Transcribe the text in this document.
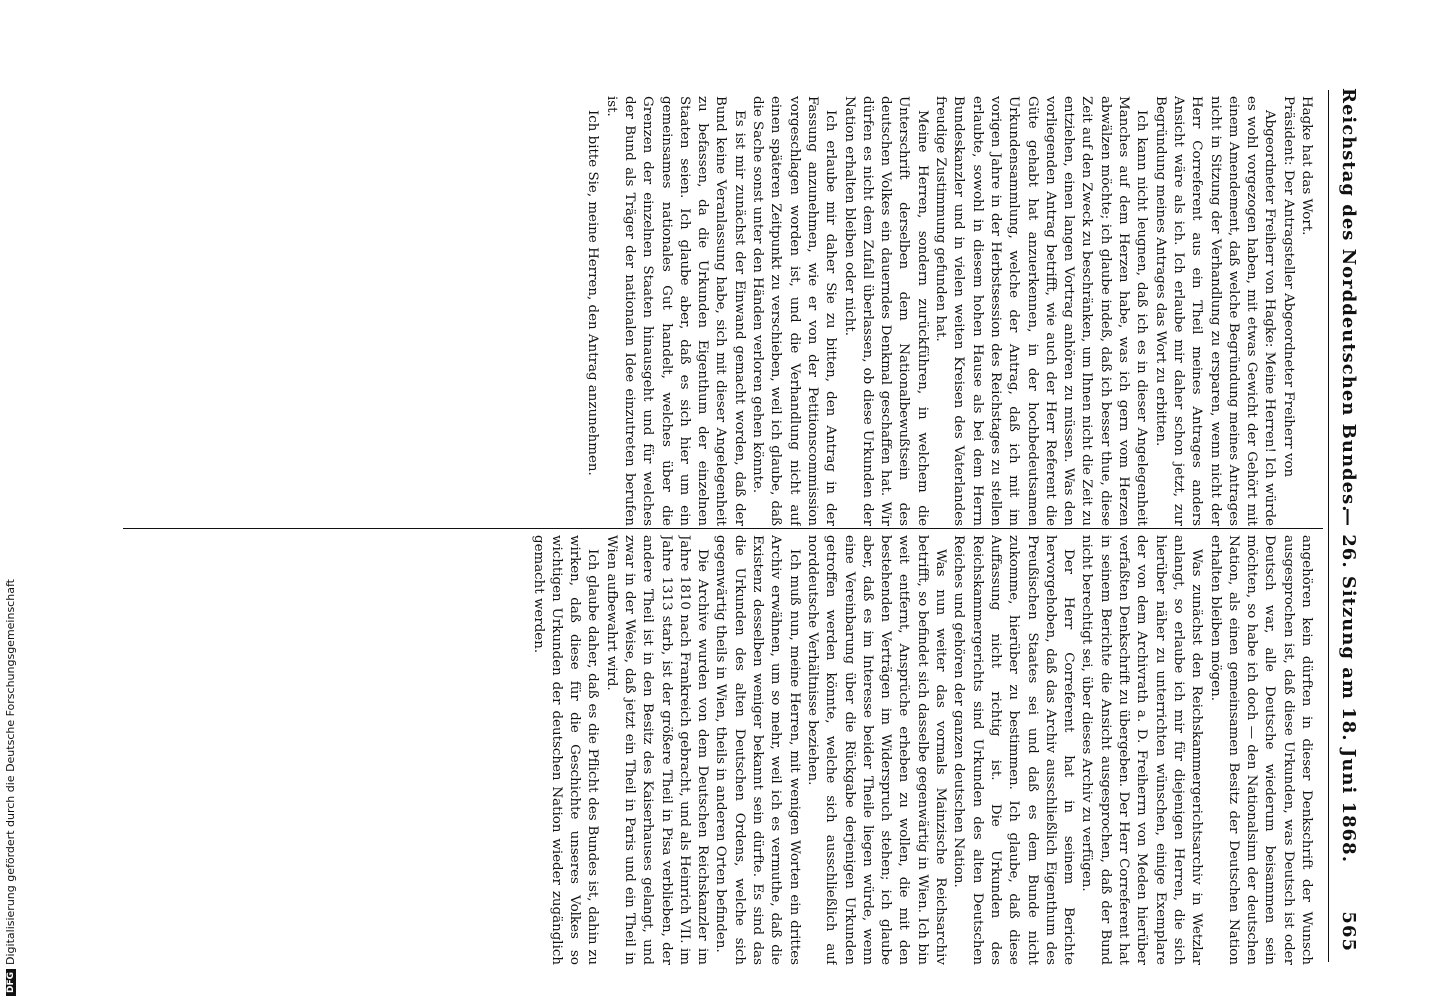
Reichstag des Norddeutschen Bundes.
— 26. Sitzung am 18. Juni 1868.
565

Hagke hat das Wort.

Präsident: Der Antragsteller Abgeordneter Freiherr von

Abgeordneter Freiherr von Hagke: Meine Herren! Ich würde es wohl vorgezogen haben, mit etwas Gewicht der Gehört mit einem Amendement, daß welche Begründung meines Antrages nicht in Sitzung der Verhandlung zu ersparen, wenn nicht der Herr Correferent aus ein Theil meines Antrages anders Ansicht wäre als ich. Ich erlaube mir daher schon jetzt, zur Begründung meines Antrages das Wort zu erbitten.

Ich kann nicht leugnen, daß ich es in dieser Angelegenheit Manches auf dem Herzen habe, was ich gern vom Herzen abwälzen möchte; ich glaube indeß, daß ich besser thue, diese Zeit auf den Zweck zu beschränken, um Ihnen nicht die Zeit zu entziehen, einen langen Vortrag anhören zu müssen. Was den vorliegenden Antrag betrifft, wie auch der Herr Referent die Güte gehabt hat anzuerkennen, in der hochbedeutsamen Urkundensammlung, welche der Antrag, daß ich mit im vorigen Jahre in der Herbstsession des Reichstages zu stellen erlaubte, sowohl in diesem hohen Hause als bei dem Herrn Bundeskanzler und in vielen weiten Kreisen des Vaterlandes freudige Zustimmung gefunden hat.

Meine Herren, sondern zurückführen, in welchem die Unterschrift derselben dem Nationalbewußtsein des deutschen Volkes ein dauerndes Denkmal geschaffen hat. Wir dürfen es nicht dem Zufall überlassen, ob diese Urkunden der Nation erhalten bleiben oder nicht.

Ich erlaube mir daher Sie zu bitten, den Antrag in der Fassung anzunehmen, wie er von der Petitionscommission vorgeschlagen worden ist, und die Verhandlung nicht auf einen späteren Zeitpunkt zu verschieben, weil ich glaube, daß die Sache sonst unter den Händen verloren gehen könnte.

Es ist mir zunächst der Einwand gemacht worden, daß der Bund keine Veranlassung habe, sich mit dieser Angelegenheit zu befassen, da die Urkunden Eigenthum der einzelnen Staaten seien. Ich glaube aber, daß es sich hier um ein gemeinsames nationales Gut handelt, welches über die Grenzen der einzelnen Staaten hinausgeht und für welches der Bund als Träger der nationalen Idee einzutreten berufen ist.

Ich bitte Sie, meine Herren, den Antrag anzunehmen.

angehören kein dürften in dieser Denkschrift der Wunsch ausgesprochen ist, daß diese Urkunden, was Deutsch ist oder Deutsch war, alle Deutsche wiederum beisammen sein möchten, so habe ich doch — den Nationalsinn der deutschen Nation, als einen gemeinsamen Besitz der Deutschen Nation erhalten bleiben mögen.

Was zunächst den Reichskammergerichtsarchiv in Wetzlar anlangt, so erlaube ich mir für diejenigen Herren, die sich hierüber näher zu unterrichten wünschen, einige Exemplare der von dem Archivrath a. D. Freiherrn von Meden hierüber verfaßten Denkschrift zu übergeben. Der Herr Correferent hat in seinem Berichte die Ansicht ausgesprochen, daß der Bund nicht berechtigt sei, über dieses Archiv zu verfügen.

Der Herr Correferent hat in seinem Berichte hervorgehoben, daß das Archiv ausschließlich Eigenthum des Preußischen Staates sei und daß es dem Bunde nicht zukomme, hierüber zu bestimmen. Ich glaube, daß diese Auffassung nicht richtig ist. Die Urkunden des Reichskammergerichts sind Urkunden des alten Deutschen Reiches und gehören der ganzen deutschen Nation.

Was nun weiter das vormals Mainzische Reichsarchiv betrifft, so befindet sich dasselbe gegenwärtig in Wien. Ich bin weit entfernt, Ansprüche erheben zu wollen, die mit den bestehenden Verträgen im Widerspruch stehen; ich glaube aber, daß es im Interesse beider Theile liegen würde, wenn eine Vereinbarung über die Rückgabe derjenigen Urkunden getroffen werden könnte, welche sich ausschließlich auf norddeutsche Verhältnisse beziehen.

Ich muß nun, meine Herren, mit wenigen Worten ein drittes Archiv erwähnen, um so mehr, weil ich es vermuthe, daß die Existenz desselben weniger bekannt sein dürfte. Es sind das die Urkunden des alten Deutschen Ordens, welche sich gegenwärtig theils in Wien, theils in anderen Orten befinden.

Die Archive wurden von dem Deutschen Reichskanzler im Jahre 1810 nach Frankreich gebracht, und als Heinrich VII. im Jahre 1313 starb, ist der größere Theil in Pisa verblieben, der andere Theil ist in den Besitz des Kaiserhauses gelangt, und zwar in der Weise, daß jetzt ein Theil in Paris und ein Theil in Wien aufbewahrt wird.

Ich glaube daher, daß es die Pflicht des Bundes ist, dahin zu wirken, daß diese für die Geschichte unseres Volkes so wichtigen Urkunden der deutschen Nation wieder zugänglich gemacht werden.

DFGDigitalisierung gefördert durch die Deutsche Forschungsgemeinschaft
